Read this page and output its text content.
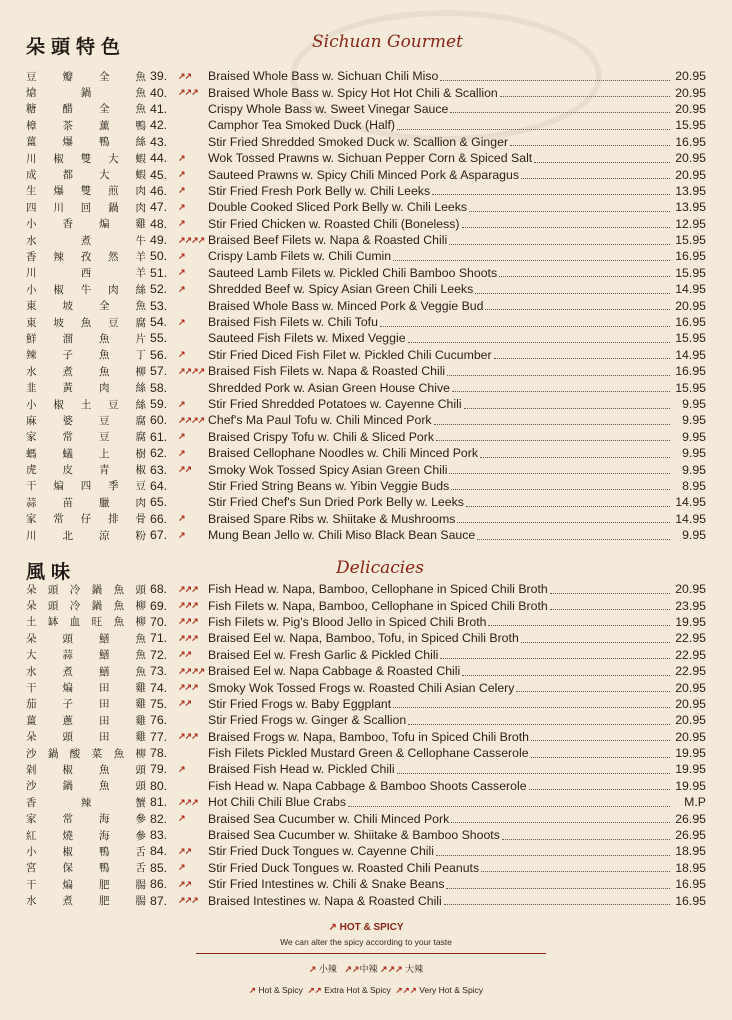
朵頭特色	Sichuan Gourmet
豆 瓣 全 魚 39.	↗↗	Braised Whole Bass w. Sichuan Chili Miso	20.95
熗	鍋	魚 40.	↗↗↗ Braised Whole Bass w. Spicy Hot Hot Chili & Scallion	20.95
糖 醋 全 魚 41.	Crispy Whole Bass w. Sweet Vinegar Sauce	20.95
樟 茶 薰 鴨 42.	Camphor Tea Smoked Duck (Half)	15.95
薑 爆 鴨 絲 43.	Stir Fried Shredded Smoked Duck w. Scallion & Ginger	16.95
川 椒 雙 大 蝦 44.	↗	Wok Tossed Prawns w. Sichuan Pepper Corn & Spiced Salt	20.95
成 都 大 蝦 45.	↗	Sauteed Prawns w. Spicy Chili Minced Pork & Asparagus	20.95
生 爆 雙 煎 肉 46.	↗	Stir Fried Fresh Pork Belly w. Chili Leeks	13.95
四 川 回 鍋 肉 47.	↗	Double Cooked Sliced Pork Belly w. Chili Leeks	13.95
小 香 煸 雞 48.	↗	Stir Fried Chicken w. Roasted Chili (Boneless)	12.95
水	煮	牛 49.	↗↗↗↗ Braised Beef Filets w. Napa & Roasted Chili	15.95
香 辣 孜 然 羊 50.	↗	Crispy Lamb Filets w. Chili Cumin	16.95
川	西	羊 51.	↗	Sauteed Lamb Filets w. Pickled Chili Bamboo Shoots	15.95
小 椒 牛 肉 絲 52.	↗	Shredded Beef w. Spicy Asian Green Chili Leeks	14.95
東 坡 全 魚 53.	Braised Whole Bass w. Minced Pork & Veggie Bud	20.95
東 坡 魚 豆 腐 54.	↗	Braised Fish Filets w. Chili Tofu	16.95
鮮 溜 魚 片 55.	Sauteed Fish Filets w. Mixed Veggie	15.95
辣 子 魚 丁 56.	↗	Stir Fried Diced Fish Filet w. Pickled Chili Cucumber	14.95
水 煮 魚 柳 57.	↗↗↗↗ Braised Fish Filets w. Napa & Roasted Chili	16.95
韭 黃 肉 絲 58.	Shredded Pork w. Asian Green House Chive	15.95
小 椒 土 豆 絲 59.	↗	Stir Fried Shredded Potatoes w. Cayenne Chili	9.95
麻 婆 豆 腐 60.	↗↗↗↗ Chef's Ma Paul Tofu w. Chili Minced Pork	9.95
家 常 豆 腐 61.	↗	Braised Crispy Tofu w. Chili & Sliced Pork	9.95
螞 蟻 上 樹 62.	↗	Braised Cellophane Noodles w. Chili Minced Pork	9.95
虎 皮 青 椒 63.	↗↗	Smoky Wok Tossed Spicy Asian Green Chili	9.95
干 煸 四 季 豆 64.	Stir Fried String Beans w. Yibin Veggie Buds	8.95
蒜 苗 臘 肉 65.	Stir Fried Chef's Sun Dried Pork Belly w. Leeks	14.95
家 常 仔 排 骨 66.	↗	Braised Spare Ribs w. Shiitake & Mushrooms	14.95
川 北 涼 粉 67.	↗	Mung Bean Jello w. Chili Miso Black Bean Sauce	9.95
風味	Delicacies
朵 頭 冷 鍋 魚 頭 68.	↗↗↗ Fish Head w. Napa, Bamboo, Cellophane in Spiced Chili Broth	20.95
朵 頭 冷 鍋 魚 柳 69.	↗↗↗ Fish Filets w. Napa, Bamboo, Cellophane in Spiced Chili Broth	23.95
土 缽 血 旺 魚 柳 70.	↗↗↗ Fish Filets w. Pig's Blood Jello in Spiced Chili Broth	19.95
朵 頭 鱔 魚 71.	↗↗↗ Braised Eel w. Napa, Bamboo, Tofu, in Spiced Chili Broth	22.95
大 蒜 鱔 魚 72.	↗↗	Braised Eel w. Fresh Garlic & Pickled Chili	22.95
水 煮 鱔 魚 73.	↗↗↗↗ Braised Eel w. Napa Cabbage & Roasted Chili	22.95
干 煸 田 雞 74.	↗↗↗ Smoky Wok Tossed Frogs w. Roasted Chili Asian Celery	20.95
茄 子 田 雞 75.	↗↗	Stir Fried Frogs w. Baby Eggplant	20.95
薑 蔥 田 雞 76.	Stir Fried Frogs w. Ginger & Scallion	20.95
朵 頭 田 雞 77.	↗↗↗ Braised Frogs w. Napa, Bamboo, Tofu in Spiced Chili Broth	20.95
沙 鍋 酸 菜 魚 柳 78.	Fish Filets Pickled Mustard Green & Cellophane Casserole	19.95
剁 椒 魚 頭 79.	↗	Braised Fish Head w. Pickled Chili	19.95
沙 鍋 魚 頭 80.	Fish Head w. Napa Cabbage & Bamboo Shoots Casserole	19.95
香	辣	蟹 81.	↗↗↗ Hot Chili Chili Blue Crabs	M.P
家 常 海 參 82.	↗	Braised Sea Cucumber w. Chili Minced Pork	26.95
紅 燒 海 參 83.	Braised Sea Cucumber w. Shiitake & Bamboo Shoots	26.95
小 椒 鴨 舌 84.	↗↗	Stir Fried Duck Tongues w. Cayenne Chili	18.95
宮 保 鴨 舌 85.	↗	Stir Fried Duck Tongues w. Roasted Chili Peanuts	18.95
干 煸 肥 腸 86.	↗↗	Stir Fried Intestines w. Chili & Snake Beans	16.95
水 煮 肥 腸 87.	↗↗↗ Braised Intestines w. Napa & Roasted Chili	16.95
↗ HOT & SPICY
We can alter the spicy according to your taste
↗ 小辣 ↗↗中辣 ↗↗↗ 大辣
↗ Hot & Spicy ↗↗ Extra Hot & Spicy ↗↗↗ Very Hot & Spicy
